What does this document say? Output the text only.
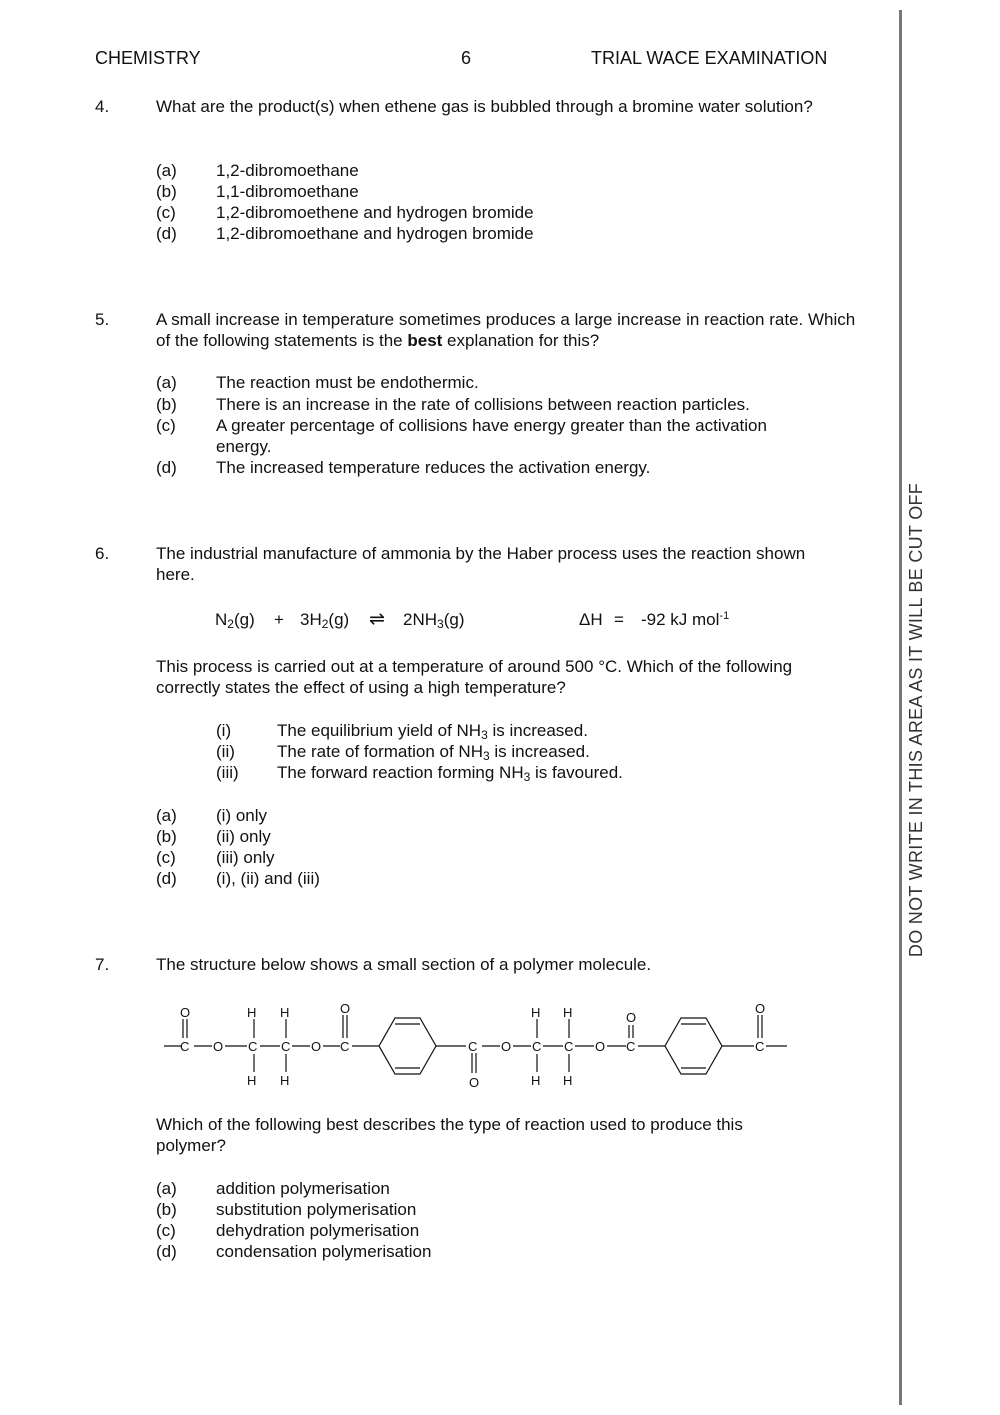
CHEMISTRY	6	TRIAL WACE EXAMINATION
DO NOT WRITE IN THIS AREA AS IT WILL BE CUT OFF
4.	What are the product(s) when ethene gas is bubbled through a bromine water solution?
(a) 1,2-dibromoethane
(b) 1,1-dibromoethane
(c) 1,2-dibromoethene and hydrogen bromide
(d) 1,2-dibromoethane and hydrogen bromide
5.	A small increase in temperature sometimes produces a large increase in reaction rate. Which of the following statements is the best explanation for this?
(a) The reaction must be endothermic.
(b) There is an increase in the rate of collisions between reaction particles.
(c) A greater percentage of collisions have energy greater than the activation energy.
(d) The increased temperature reduces the activation energy.
6.	The industrial manufacture of ammonia by the Haber process uses the reaction shown here.
$N_2(g) + 3H_2(g)$ ⇌ $2NH_3(g)$	ΔH = -92 kJ mol$^{-1}$
This process is carried out at a temperature of around 500 °C. Which of the following correctly states the effect of using a high temperature?
(i)	The equilibrium yield of $NH_3$ is increased.
(ii) The rate of formation of $NH_3$ is increased.
(iii) The forward reaction forming $NH_3$ is favoured.
(a) (i) only
(b) (ii) only
(c) (iii) only
(d) (i), (ii) and (iii)
7.	The structure below shows a small section of a polymer molecule.
O
C O
H
C
H
H
C
H
O
O
C	C
O
O
H
C
H
H
C
H
O
O
C
O
C
Which of the following best describes the type of reaction used to produce this polymer?
(a) addition polymerisation
(b) substitution polymerisation
(c) dehydration polymerisation
(d) condensation polymerisation
